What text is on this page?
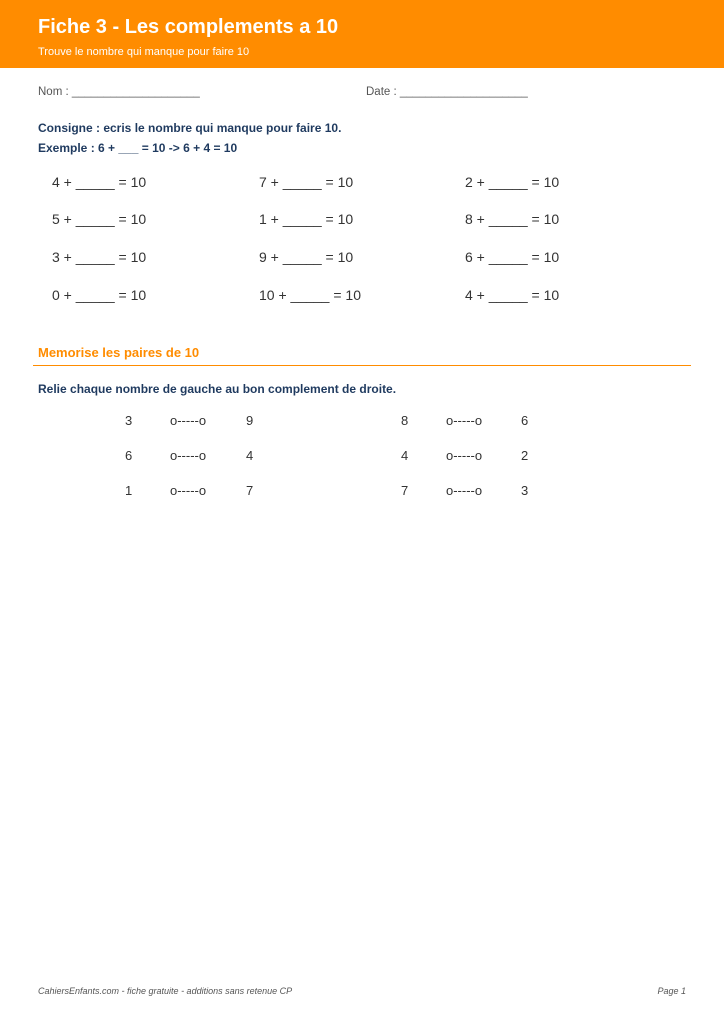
Fiche 3 - Les complements a 10
Trouve le nombre qui manque pour faire 10
Nom : ____________________	Date : ____________________
Consigne : ecris le nombre qui manque pour faire 10.
Exemple : 6 + ___ = 10 -> 6 + 4 = 10
4 + _____ = 10	7 + _____ = 10	2 + _____ = 10
5 + _____ = 10	1 + _____ = 10	8 + _____ = 10
3 + _____ = 10	9 + _____ = 10	6 + _____ = 10
0 + _____ = 10	10 + _____ = 10	4 + _____ = 10
Memorise les paires de 10
Relie chaque nombre de gauche au bon complement de droite.
3	o-----o	9
6	o-----o	4
1	o-----o	7
8	o-----o	6
4	o-----o	2
7	o-----o	3
CahiersEnfants.com - fiche gratuite - additions sans retenue CP	Page 1
